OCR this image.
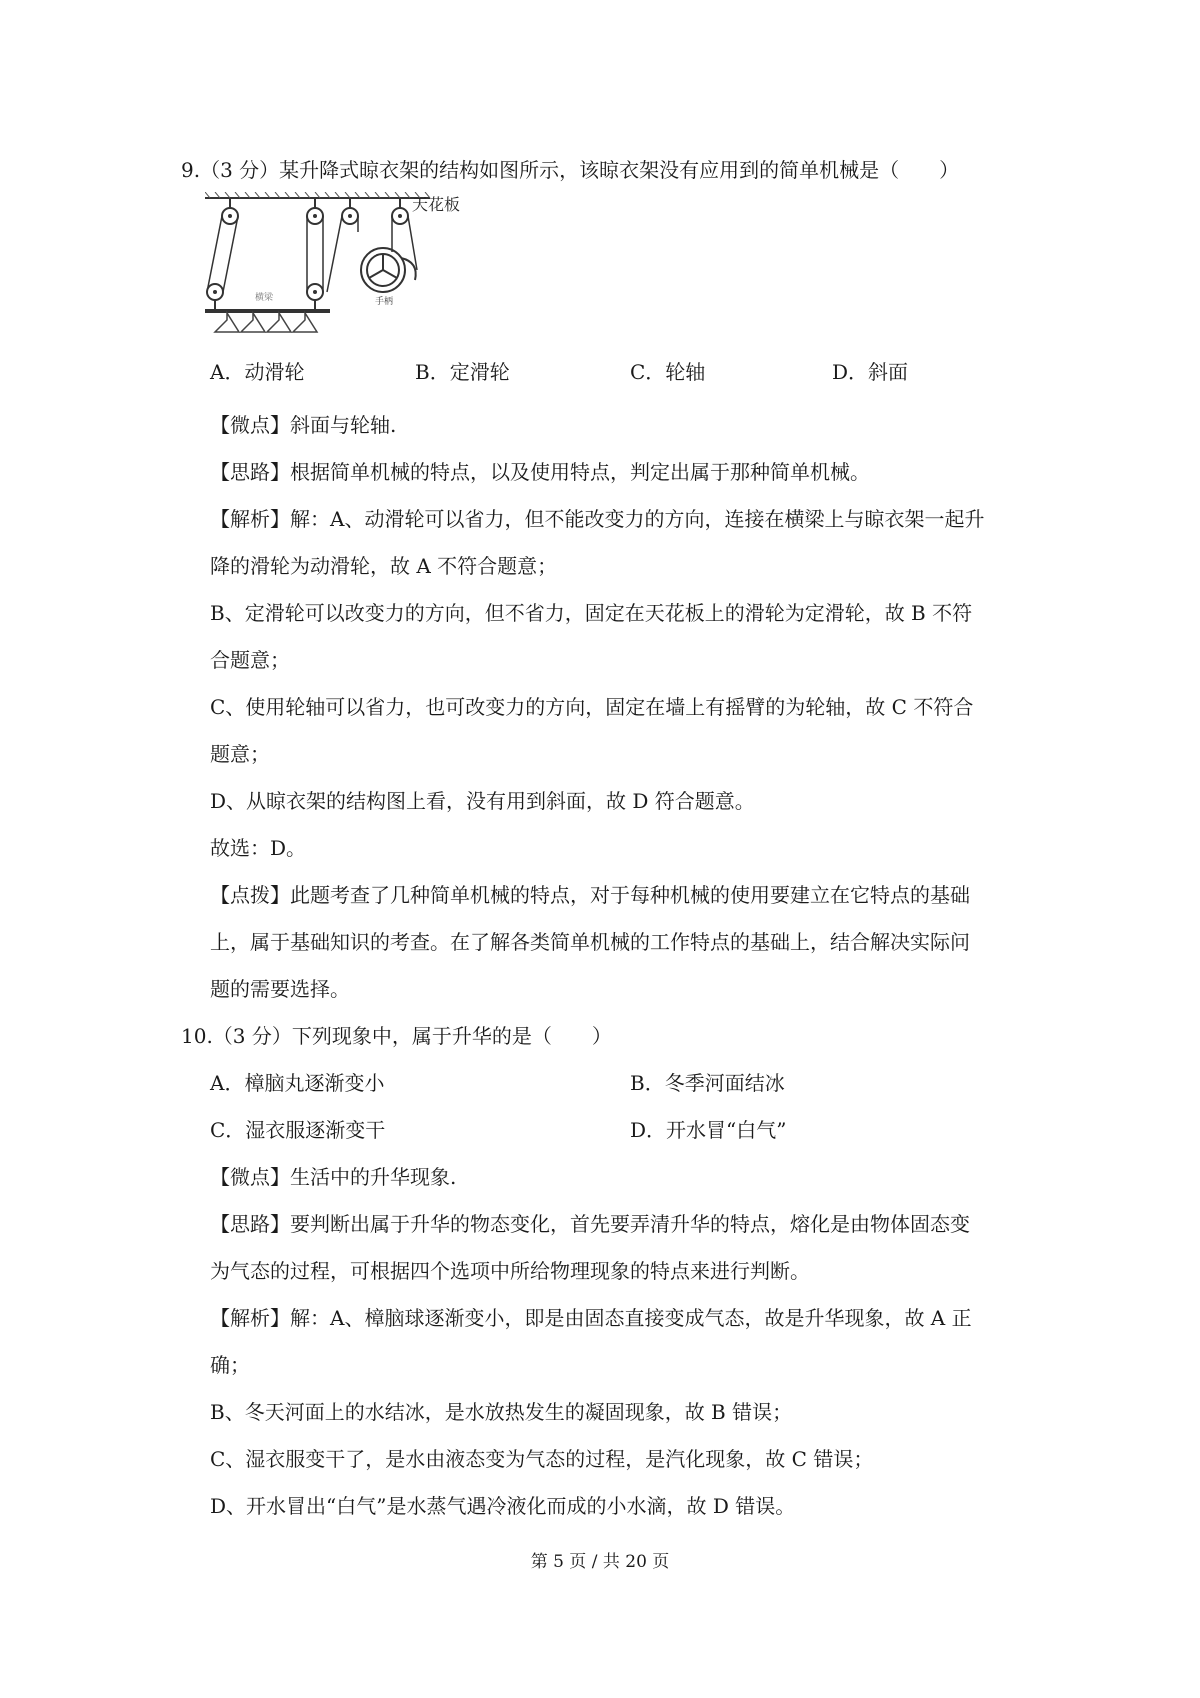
9.（3 分）某升降式晾衣架的结构如图所示，该晾衣架没有应用到的简单机械是（　　）
天花板
横梁	手柄
A．动滑轮	B．定滑轮	C．轮轴	D．斜面
【微点】斜面与轮轴.
【思路】根据简单机械的特点，以及使用特点，判定出属于那种简单机械。
【解析】解：A、动滑轮可以省力，但不能改变力的方向，连接在横梁上与晾衣架一起升
降的滑轮为动滑轮，故 A 不符合题意；
B、定滑轮可以改变力的方向，但不省力，固定在天花板上的滑轮为定滑轮，故 B 不符
合题意；
C、使用轮轴可以省力，也可改变力的方向，固定在墙上有摇臂的为轮轴，故 C 不符合
题意；
D、从晾衣架的结构图上看，没有用到斜面，故 D 符合题意。
故选：D。
【点拨】此题考查了几种简单机械的特点，对于每种机械的使用要建立在它特点的基础
上，属于基础知识的考查。在了解各类简单机械的工作特点的基础上，结合解决实际问
题的需要选择。
10.（3 分）下列现象中，属于升华的是（　　）
A．樟脑丸逐渐变小	B．冬季河面结冰
C．湿衣服逐渐变干	D．开水冒“白气”
【微点】生活中的升华现象.
【思路】要判断出属于升华的物态变化，首先要弄清升华的特点，熔化是由物体固态变
为气态的过程，可根据四个选项中所给物理现象的特点来进行判断。
【解析】解：A、樟脑球逐渐变小，即是由固态直接变成气态，故是升华现象，故 A 正
确；
B、冬天河面上的水结冰，是水放热发生的凝固现象，故 B 错误；
C、湿衣服变干了，是水由液态变为气态的过程，是汽化现象，故 C 错误；
D、开水冒出“白气”是水蒸气遇冷液化而成的小水滴，故 D 错误。
第 5 页 / 共 20 页
